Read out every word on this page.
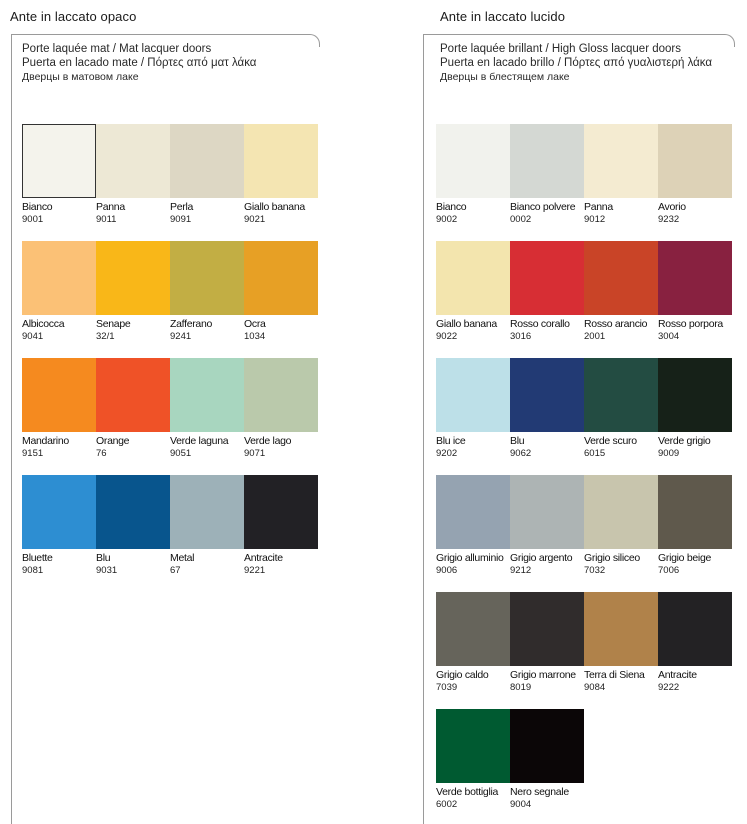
Ante in laccato opaco
Porte laquée mat / Mat lacquer doors
Puerta en lacado mate / Πόρτες από ματ λάκα
Дверцы в матовом лаке
Bianco
9001
Panna
9011
Perla
9091
Giallo banana
9021
Albicocca
9041
Senape
32/1
Zafferano
9241
Ocra
1034
Mandarino
9151
Orange
76
Verde laguna
9051
Verde lago
9071
Bluette
9081
Blu
9031
Metal
67
Antracite
9221
Ante in laccato lucido
Porte laquée brillant / High Gloss lacquer doors
Puerta en lacado brillo / Πόρτες από γυαλιστερή λάκα
Дверцы в блестящем лаке
Bianco
9002
Bianco polvere
0002
Panna
9012
Avorio
9232
Giallo banana
9022
Rosso corallo
3016
Rosso arancio
2001
Rosso porpora
3004
Blu ice
9202
Blu
9062
Verde scuro
6015
Verde grigio
9009
Grigio alluminio
9006
Grigio argento
9212
Grigio siliceo
7032
Grigio beige
7006
Grigio caldo
7039
Grigio marrone
8019
Terra di Siena
9084
Antracite
9222
Verde bottiglia
6002
Nero segnale
9004
